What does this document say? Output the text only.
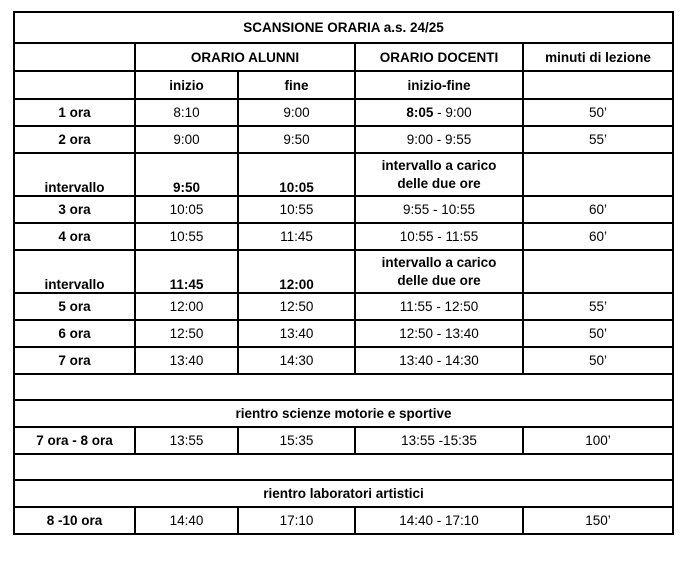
SCANSIONE ORARIA a.s. 24/25				
	ORARIO ALUNNI		ORARIO DOCENTI	minuti di lezione
	inizio	fine	inizio-fine	
1 ora	8:10	9:00	8:05 - 9:00	50’
2 ora	9:00	9:50	9:00 - 9:55	55’
intervallo	9:50	10:05	intervallo a carico
delle due ore	

3 ora	10:05	10:55	9:55 - 10:55	60’
4 ora	10:55	11:45	10:55 - 11:55	60’
intervallo	11:45	12:00	intervallo a carico
delle due ore	

5 ora	12:00	12:50	11:55 - 12:50	55’
6 ora	12:50	13:40	12:50 - 13:40	50’
7 ora	13:40	14:30	13:40 - 14:30	50’

rientro scienze motorie e sportive				
7 ora - 8 ora	13:55	15:35	13:55 -15:35	100’

rientro laboratori artistici				
8 -10 ora	14:40	17:10	14:40 - 17:10	150’
